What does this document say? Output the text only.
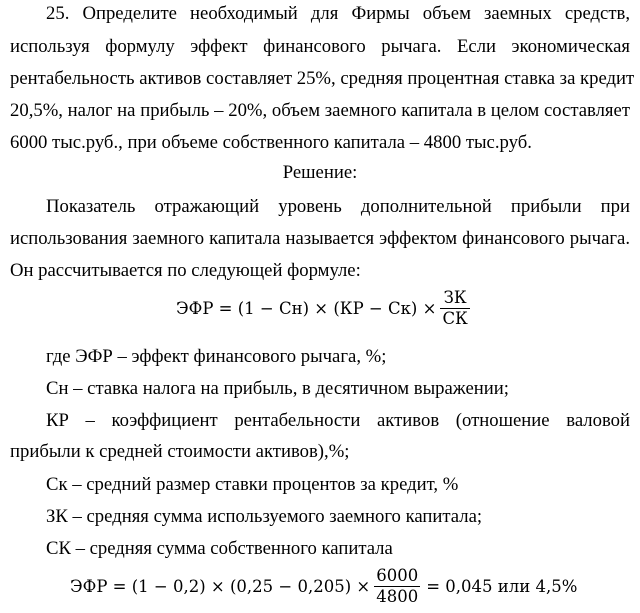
25. Определите необходимый для Фирмы объем заемных средств,
используя формулу эффект финансового рычага. Если экономическая
рентабельность активов составляет 25%, средняя процентная ставка за кредит
20,5%, налог на прибыль – 20%, объем заемного капитала в целом составляет
6000 тыс.руб., при объеме собственного капитала – 4800 тыс.руб.
Решение:
Показатель отражающий уровень дополнительной прибыли при
использования заемного капитала называется эффектом финансового рычага.
Он рассчитывается по следующей формуле:
ЭФР = $(1 - Сн) \times (КР - Ск) \times \frac{ЗК}{СК}$
где ЭФР – эффект финансового рычага, %;
Сн – ставка налога на прибыль, в десятичном выражении;
КР – коэффициент рентабельности активов (отношение валовой
прибыли к средней стоимости активов),%;
Ск – средний размер ставки процентов за кредит, %
ЗК – средняя сумма используемого заемного капитала;
СК – средняя сумма собственного капитала
ЭФР = $(1 - 0,2) \times (0,25 - 0,205) \times \frac{6000}{4800} = 0,045$ или 4,5%
